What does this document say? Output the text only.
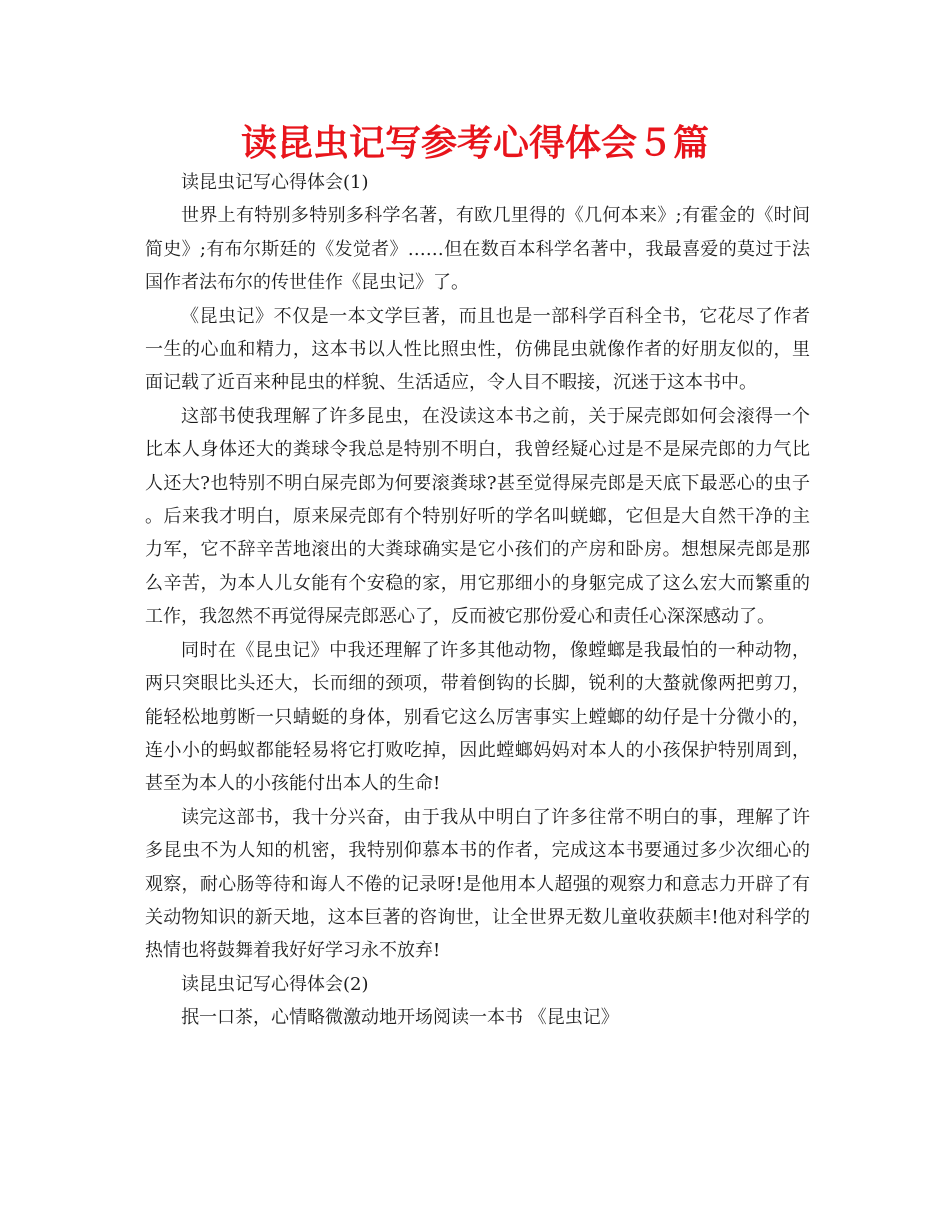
读昆虫记写参考心得体会５篇

读昆虫记写心得体会(1)

世界上有特别多特别多科学名著，有欧几里得的《几何本来》;有霍金的《时间简史》;有布尔斯廷的《发觉者》……但在数百本科学名著中，我最喜爱的莫过于法国作者法布尔的传世佳作《昆虫记》了。

《昆虫记》不仅是一本文学巨著，而且也是一部科学百科全书，它花尽了作者一生的心血和精力，这本书以人性比照虫性，仿佛昆虫就像作者的好朋友似的，里面记载了近百来种昆虫的样貌、生活适应，令人目不暇接，沉迷于这本书中。

这部书使我理解了许多昆虫，在没读这本书之前，关于屎壳郎如何会滚得一个比本人身体还大的粪球令我总是特别不明白，我曾经疑心过是不是屎壳郎的力气比人还大?也特别不明白屎壳郎为何要滚粪球?甚至觉得屎壳郎是天底下最恶心的虫子。后来我才明白，原来屎壳郎有个特别好听的学名叫蜣螂，它但是大自然干净的主力军，它不辞辛苦地滚出的大粪球确实是它小孩们的产房和卧房。想想屎壳郎是那么辛苦，为本人儿女能有个安稳的家，用它那细小的身躯完成了这么宏大而繁重的工作，我忽然不再觉得屎壳郎恶心了，反而被它那份爱心和责任心深深感动了。

同时在《昆虫记》中我还理解了许多其他动物，像螳螂是我最怕的一种动物，两只突眼比头还大，长而细的颈项，带着倒钩的长脚，锐利的大螯就像两把剪刀，能轻松地剪断一只蜻蜓的身体，别看它这么厉害事实上螳螂的幼仔是十分微小的，连小小的蚂蚁都能轻易将它打败吃掉，因此螳螂妈妈对本人的小孩保护特别周到，甚至为本人的小孩能付出本人的生命!

读完这部书，我十分兴奋，由于我从中明白了许多往常不明白的事，理解了许多昆虫不为人知的机密，我特别仰慕本书的作者，完成这本书要通过多少次细心的观察，耐心肠等待和诲人不倦的记录呀!是他用本人超强的观察力和意志力开辟了有关动物知识的新天地，这本巨著的咨询世，让全世界无数儿童收获颇丰!他对科学的热情也将鼓舞着我好好学习永不放弃!

读昆虫记写心得体会(2)

抿一口茶，心情略微激动地开场阅读一本书 《昆虫记》
